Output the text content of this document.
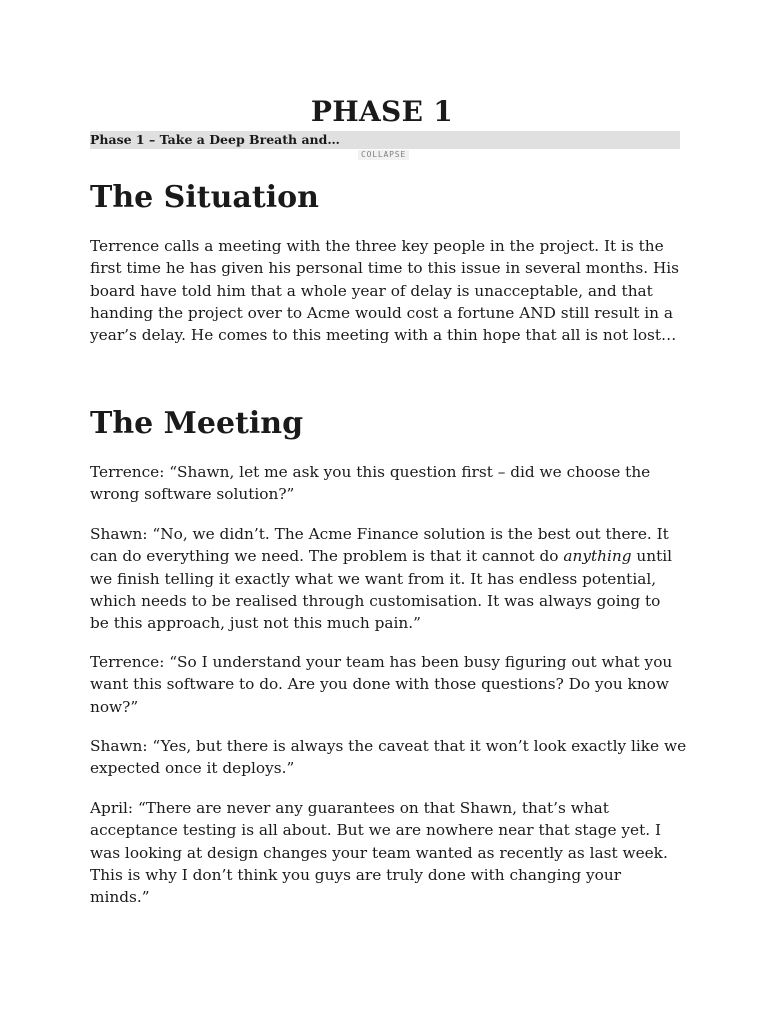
PHASE 1
Phase 1 – Take a Deep Breath and…
COLLAPSE
The Situation

Terrence calls a meeting with the three key people in the project. It is the
first time he has given his personal time to this issue in several months. His
board have told him that a whole year of delay is unacceptable, and that
handing the project over to Acme would cost a fortune AND still result in a
year’s delay. He comes to this meeting with a thin hope that all is not lost…

The Meeting

Terrence: “Shawn, let me ask you this question first – did we choose the
wrong software solution?”

Shawn: “No, we didn’t. The Acme Finance solution is the best out there. It
can do everything we need. The problem is that it cannot do anything until
we finish telling it exactly what we want from it. It has endless potential,
which needs to be realised through customisation. It was always going to
be this approach, just not this much pain.”

Terrence: “So I understand your team has been busy figuring out what you
want this software to do. Are you done with those questions? Do you know
now?”

Shawn: “Yes, but there is always the caveat that it won’t look exactly like we
expected once it deploys.”

April: “There are never any guarantees on that Shawn, that’s what
acceptance testing is all about. But we are nowhere near that stage yet. I
was looking at design changes your team wanted as recently as last week.
This is why I don’t think you guys are truly done with changing your
minds.”
